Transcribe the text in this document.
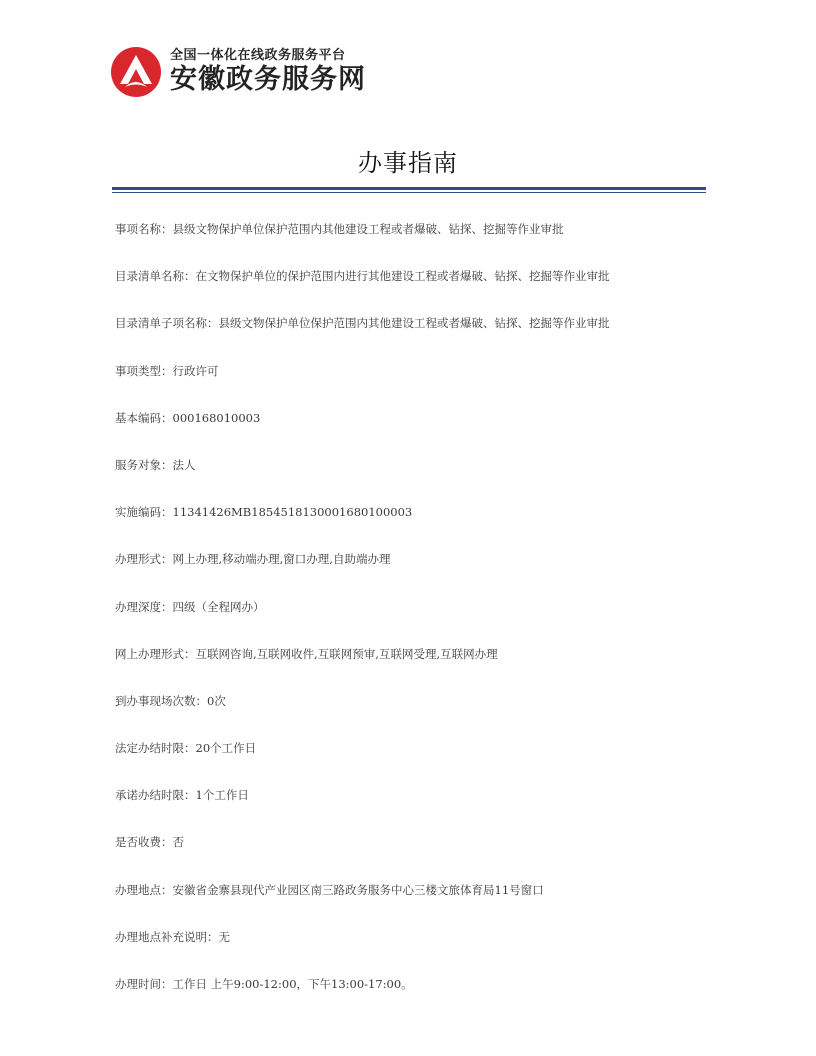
全国一体化在线政务服务平台
安徽政务服务网
办事指南
事项名称：县级文物保护单位保护范围内其他建设工程或者爆破、钻探、挖掘等作业审批
目录清单名称：在文物保护单位的保护范围内进行其他建设工程或者爆破、钻探、挖掘等作业审批
目录清单子项名称：县级文物保护单位保护范围内其他建设工程或者爆破、钻探、挖掘等作业审批
事项类型：行政许可
基本编码：000168010003
服务对象：法人
实施编码：11341426MB1854518130001680100003
办理形式：网上办理,移动端办理,窗口办理,自助端办理
办理深度：四级（全程网办）
网上办理形式：互联网咨询,互联网收件,互联网预审,互联网受理,互联网办理
到办事现场次数：0次
法定办结时限：20个工作日
承诺办结时限：1个工作日
是否收费：否
办理地点：安徽省金寨县现代产业园区南三路政务服务中心三楼文旅体育局11号窗口
办理地点补充说明：无
办理时间：工作日 上午9:00-12:00，下午13:00-17:00。
